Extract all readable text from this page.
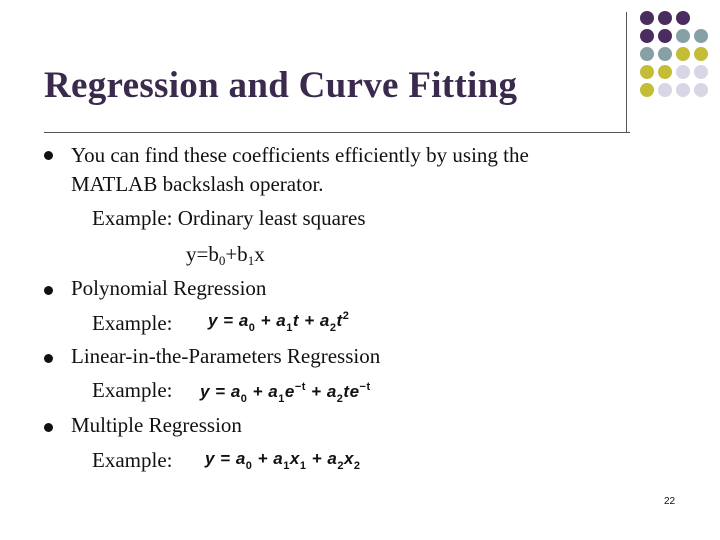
Regression and Curve Fitting
You can find these coefficients efficiently by using the
MATLAB backslash operator.
Example: Ordinary least squares
$y=b_0+b_1x$
Polynomial Regression
Example: $y = a_0 + a_1t + a_2t^2$
Linear-in-the-Parameters Regression
Example: $y = a_0 + a_1e^{-t} + a_2te^{-t}$
Multiple Regression
Example: $y = a_0 + a_1x_1 + a_2x_2$
22
